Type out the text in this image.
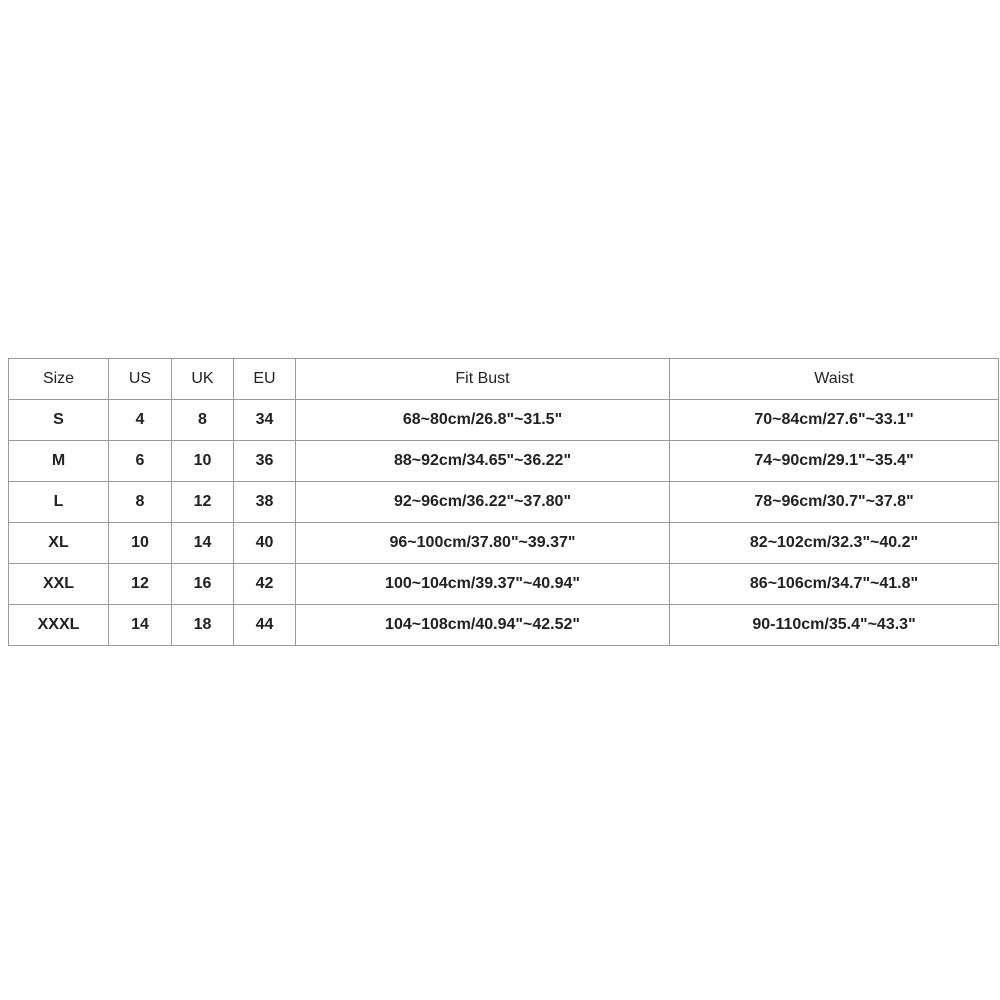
Size	US	UK	EU	Fit Bust	Waist
S	4	8	34	68~80cm/26.8"~31.5"	70~84cm/27.6"~33.1"
M	6	10	36	88~92cm/34.65"~36.22"	74~90cm/29.1"~35.4"
L	8	12	38	92~96cm/36.22"~37.80"	78~96cm/30.7"~37.8"
XL	10	14	40	96~100cm/37.80"~39.37"	82~102cm/32.3"~40.2"
XXL	12	16	42	100~104cm/39.37"~40.94"	86~106cm/34.7"~41.8"
XXXL	14	18	44	104~108cm/40.94"~42.52"	90-110cm/35.4"~43.3"
